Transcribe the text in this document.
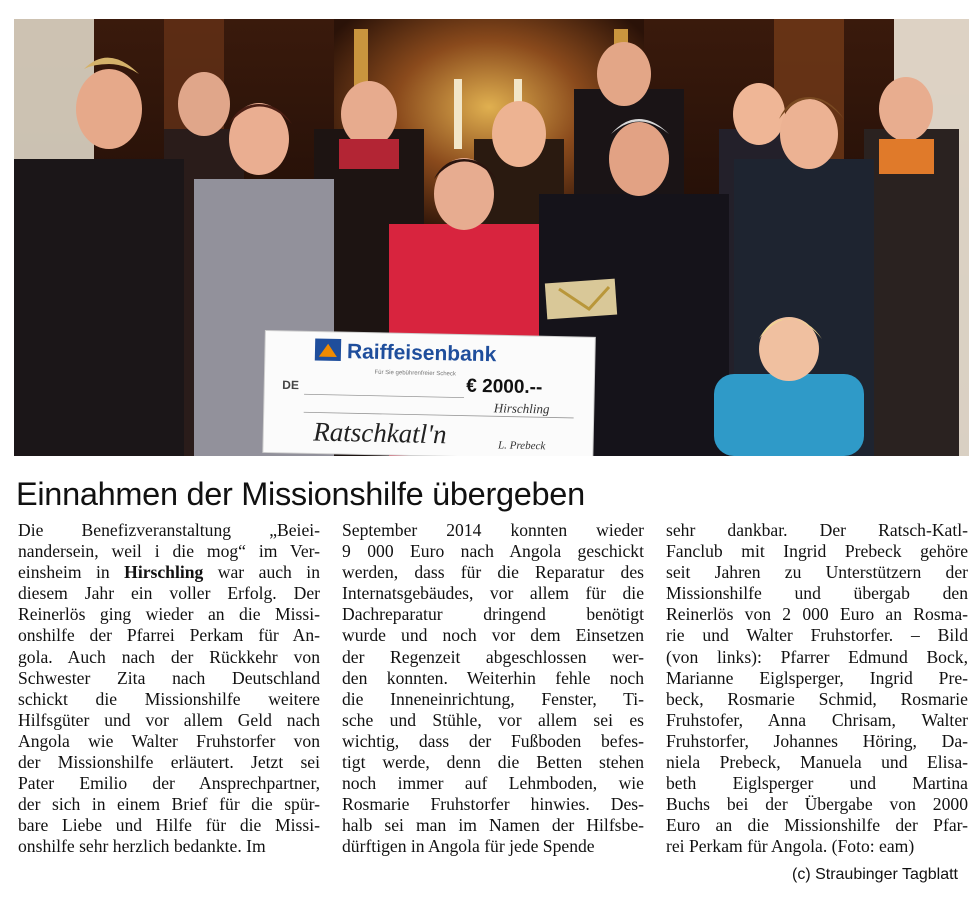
Raiffeisenbank
Für Sie gebührenfreier Scheck
DE	€ 2000.--
Hirschling
Ratschkatl'n	L. Prebeck
Einnahmen der Missionshilfe übergeben
Die Benefizveranstaltung „Beiei-
nandersein, weil i die mog“ im Ver-
einsheim in Hirschling war auch in
diesem Jahr ein voller Erfolg. Der
Reinerlös ging wieder an die Missi-
onshilfe der Pfarrei Perkam für An-
gola. Auch nach der Rückkehr von
Schwester Zita nach Deutschland
schickt die Missionshilfe weitere
Hilfsgüter und vor allem Geld nach
Angola wie Walter Fruhstorfer von
der Missionshilfe erläutert. Jetzt sei
Pater Emilio der Ansprechpartner,
der sich in einem Brief für die spür-
bare Liebe und Hilfe für die Missi-
onshilfe sehr herzlich bedankte. Im
September 2014 konnten wieder
9 000 Euro nach Angola geschickt
werden, dass für die Reparatur des
Internatsgebäudes, vor allem für die
Dachreparatur dringend benötigt
wurde und noch vor dem Einsetzen
der Regenzeit abgeschlossen wer-
den konnten. Weiterhin fehle noch
die Inneneinrichtung, Fenster, Ti-
sche und Stühle, vor allem sei es
wichtig, dass der Fußboden befes-
tigt werde, denn die Betten stehen
noch immer auf Lehmboden, wie
Rosmarie Fruhstorfer hinwies. Des-
halb sei man im Namen der Hilfsbe-
dürftigen in Angola für jede Spende
sehr dankbar. Der Ratsch-Katl-
Fanclub mit Ingrid Prebeck gehöre
seit Jahren zu Unterstützern der
Missionshilfe und übergab den
Reinerlös von 2 000 Euro an Rosma-
rie und Walter Fruhstorfer. – Bild
(von links): Pfarrer Edmund Bock,
Marianne Eiglsperger, Ingrid Pre-
beck, Rosmarie Schmid, Rosmarie
Fruhstofer, Anna Chrisam, Walter
Fruhstorfer, Johannes Höring, Da-
niela Prebeck, Manuela und Elisa-
beth Eiglsperger und Martina
Buchs bei der Übergabe von 2000
Euro an die Missionshilfe der Pfar-
rei Perkam für Angola. (Foto: eam)
(c) Straubinger Tagblatt
